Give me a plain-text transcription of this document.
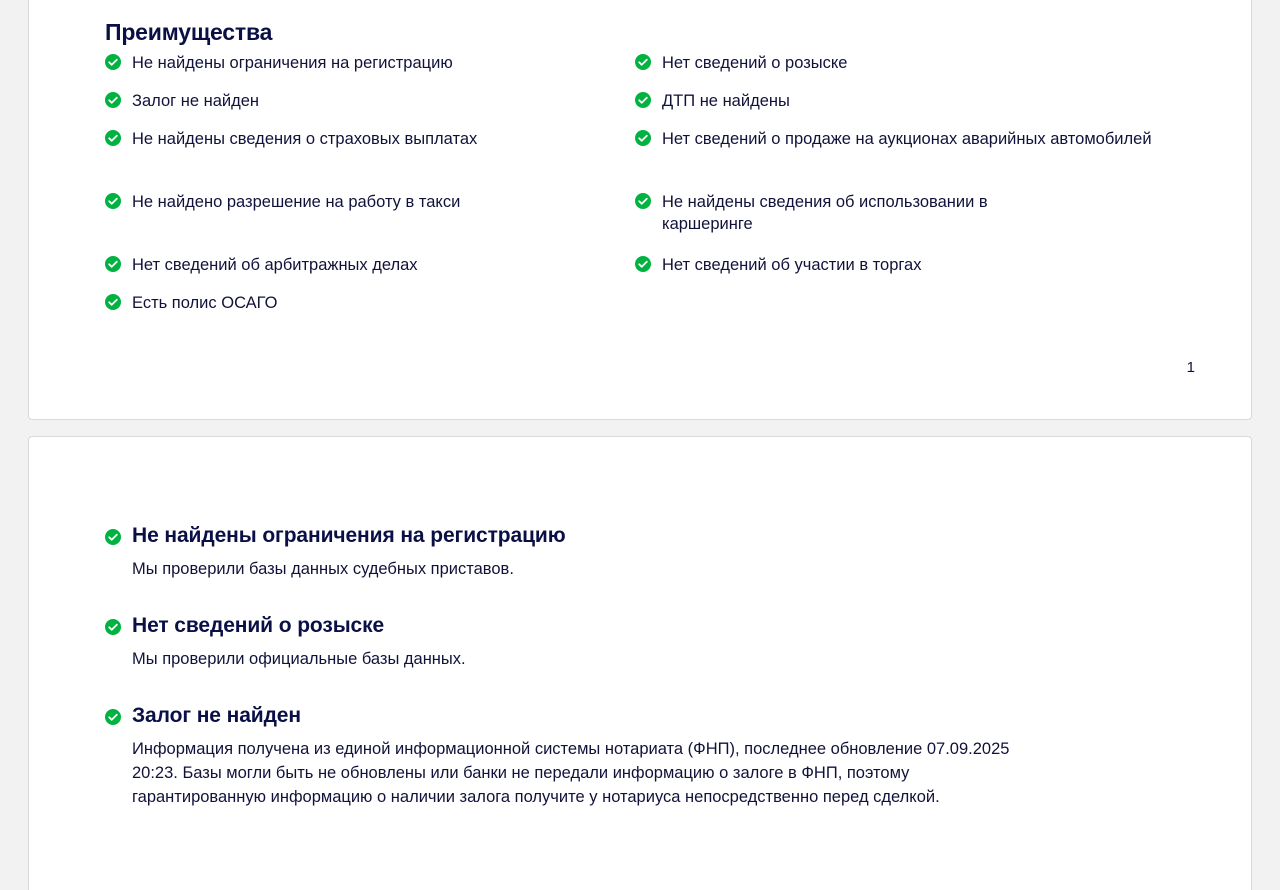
Преимущества
Не найдены ограничения на регистрацию
Залог не найден
Не найдены сведения о страховых выплатах
Не найдено разрешение на работу в такси
Нет сведений об арбитражных делах
Есть полис ОСАГО
Нет сведений о розыске
ДТП не найдены
Нет сведений о продаже на аукционах аварийных автомобилей
Не найдены сведения об использовании в каршеринге
Нет сведений об участии в торгах
1
Не найдены ограничения на регистрацию
Мы проверили базы данных судебных приставов.
Нет сведений о розыске
Мы проверили официальные базы данных.
Залог не найден
Информация получена из единой информационной системы нотариата (ФНП), последнее обновление 07.09.2025 20:23. Базы могли быть не обновлены или банки не передали информацию о залоге в ФНП, поэтому гарантированную информацию о наличии залога получите у нотариуса непосредственно перед сделкой.
